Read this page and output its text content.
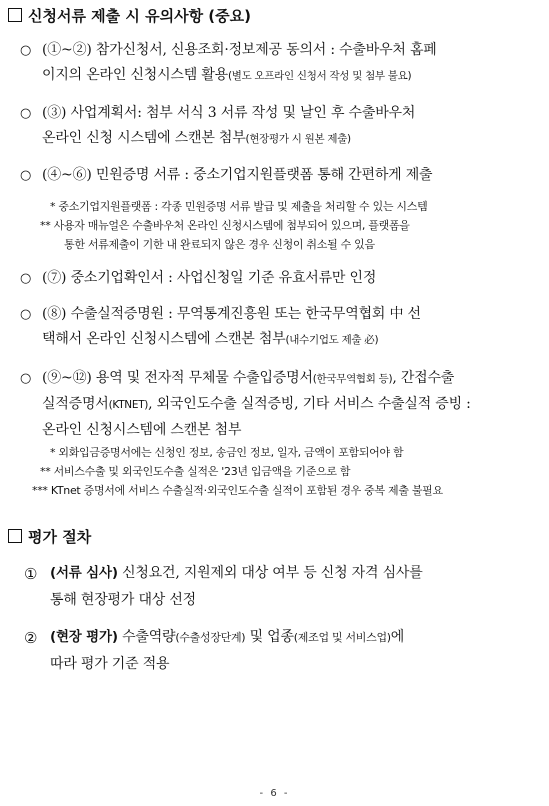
신청서류 제출 시 유의사항 (중요)
○ (①~②) 참가신청서, 신용조회·정보제공 동의서 : 수출바우처 홈페
이지의 온라인 신청시스템 활용(별도 오프라인 신청서 작성 및 첨부 불요)
○ (③) 사업계획서: 첨부 서식 3 서류 작성 및 날인 후 수출바우처
온라인 신청 시스템에 스캔본 첨부(현장평가 시 원본 제출)
○ (④~⑥) 민원증명 서류 : 중소기업지원플랫폼 통해 간편하게 제출
* 중소기업지원플랫폼 : 각종 민원증명 서류 발급 및 제출을 처리할 수 있는 시스템
** 사용자 매뉴얼은 수출바우처 온라인 신청시스템에 첨부되어 있으며, 플랫폼을
통한 서류제출이 기한 내 완료되지 않은 경우 신청이 취소될 수 있음
○ (⑦) 중소기업확인서 : 사업신청일 기준 유효서류만 인정
○ (⑧) 수출실적증명원 : 무역통계진흥원 또는 한국무역협회 中 선
택해서 온라인 신청시스템에 스캔본 첨부(내수기업도 제출 必)
○ (⑨~⑫) 용역 및 전자적 무체물 수출입증명서(한국무역협회 등), 간접수출
실적증명서(KTNET), 외국인도수출 실적증빙, 기타 서비스 수출실적 증빙 :
온라인 신청시스템에 스캔본 첨부
* 외화입금증명서에는 신청인 정보, 송금인 정보, 일자, 금액이 포함되어야 함
** 서비스수출 및 외국인도수출 실적은 '23년 입금액을 기준으로 함
*** KTnet 증명서에 서비스 수출실적·외국인도수출 실적이 포함된 경우 중복 제출 불필요
평가 절차
① (서류 심사) 신청요건, 지원제외 대상 여부 등 신청 자격 심사를
통해 현장평가 대상 선정
② (현장 평가) 수출역량(수출성장단계) 및 업종(제조업 및 서비스업)에
따라 평가 기준 적용
- 6 -
